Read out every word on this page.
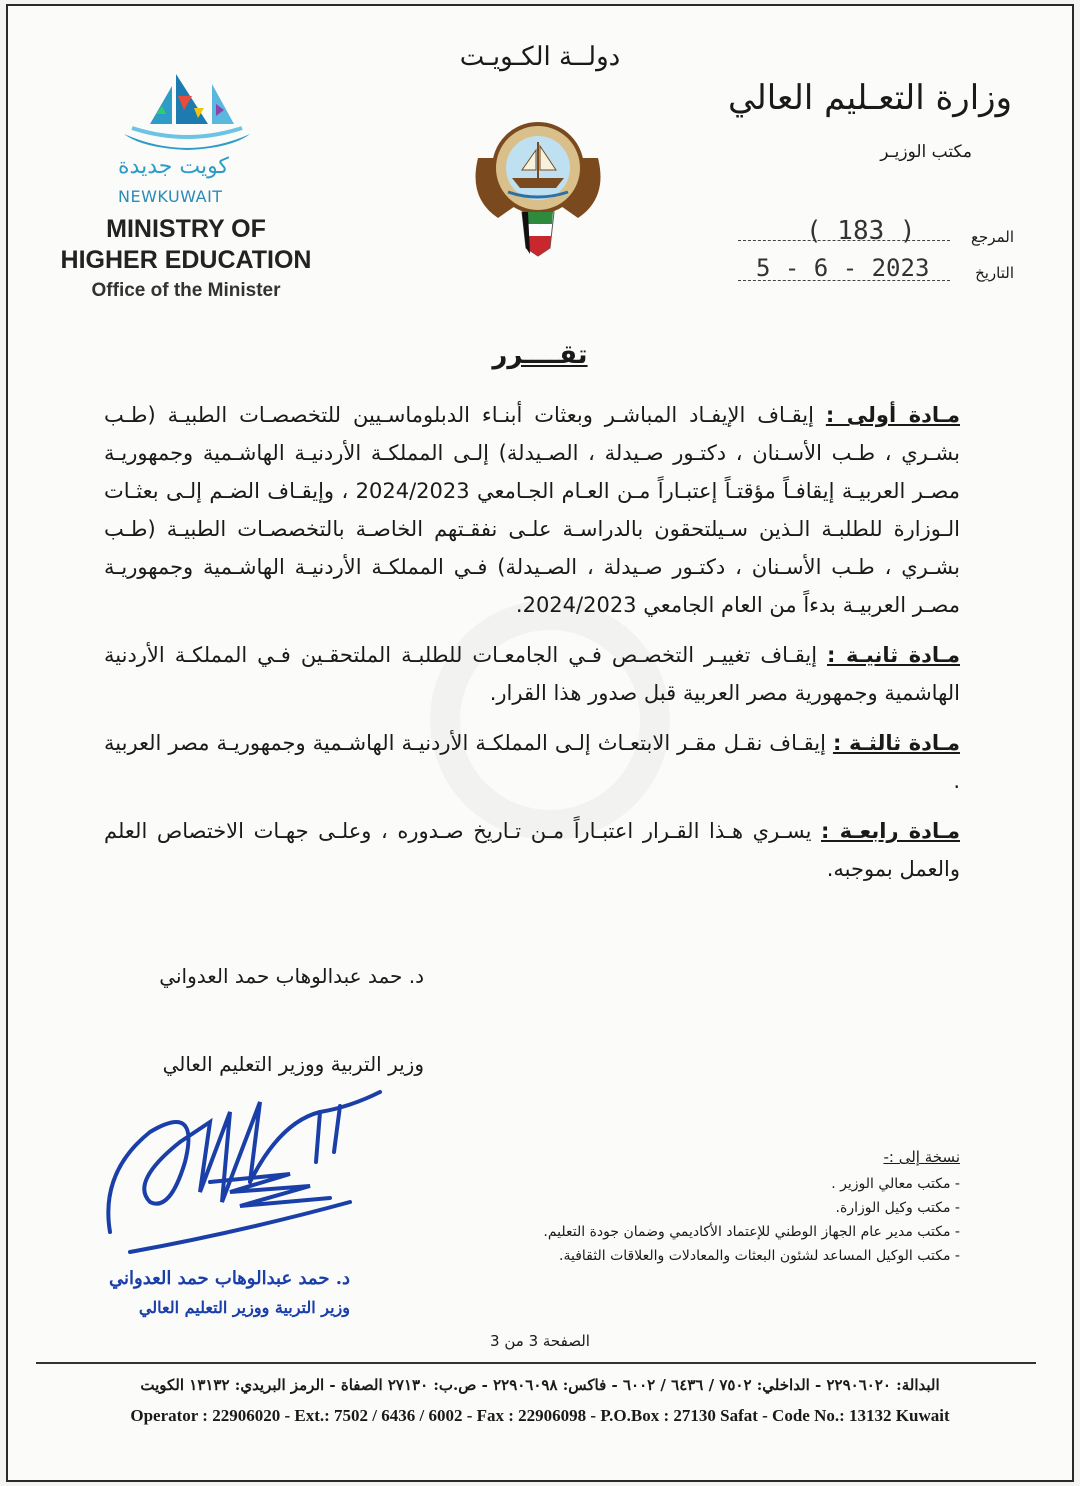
دولــة الكـويـت
وزارة التعـليم العالي
مكتب الوزيـر
كويت جديدة
NEWKUWAIT
MINISTRY OF
HIGHER EDUCATION
Office of the Minister
المرجع
( 183 )
التاريخ
5 - 6 - 2023
تقــــرر

مـادة أولى : إيقـاف الإيفـاد المباشـر وبعثات أبنـاء الدبلوماسـيين للتخصصـات الطبيـة (طـب بشـري ، طـب الأسـنان ، دكتـور صـيدلة ، الصـيدلة) إلـى المملكـة الأردنيـة الهاشـمية وجمهوريـة مصـر العربيـة إيقافـاً مؤقتـاً إعتبـاراً مـن العـام الجـامعي 2024/2023 ، وإيقـاف الضـم إلـى بعثـات الـوزارة للطلبـة الـذين سـيلتحقون بالدراسـة علـى نفقـتهم الخاصـة بالتخصصـات الطبيـة (طـب بشـري ، طـب الأسـنان ، دكتـور صـيدلة ، الصـيدلة) فـي المملكـة الأردنيـة الهاشـمية وجمهوريـة مصـر العربيـة بدءاً من العام الجامعي 2024/2023.

مـادة ثانيـة : إيقـاف تغييـر التخصـص فـي الجامعـات للطلبـة الملتحقـين فـي المملكـة الأردنية الهاشمية وجمهورية مصر العربية قبل صدور هذا القرار.

مـادة ثالثـة : إيقـاف نقـل مقـر الابتعـاث إلـى المملكـة الأردنيـة الهاشـمية وجمهوريـة مصر العربية .

مـادة رابعـة : يسـري هـذا القـرار اعتبـاراً مـن تـاريخ صـدوره ، وعلـى جهـات الاختصاص العلم والعمل بموجبه.

د. حمد عبدالوهاب حمد العدواني
وزير التربية ووزير التعليم العالي
د. حمد عبدالوهاب حمد العدواني
وزير التربية ووزير التعليم العالي
نسخة إلى :-
- مكتب معالي الوزير .
- مكتب وكيل الوزارة.
- مكتب مدير عام الجهاز الوطني للإعتماد الأكاديمي وضمان جودة التعليم.
- مكتب الوكيل المساعد لشئون البعثات والمعادلات والعلاقات الثقافية.
الصفحة 3 من 3
البدالة: ٢٢٩٠٦٠٢٠ - الداخلي: ٧٥٠٢ / ٦٤٣٦ / ٦٠٠٢ - فاكس: ٢٢٩٠٦٠٩٨ - ص.ب: ٢٧١٣٠ الصفاة - الرمز البريدي: ١٣١٣٢ الكويت
Operator : 22906020 - Ext.: 7502 / 6436 / 6002 - Fax : 22906098 - P.O.Box : 27130 Safat - Code No.: 13132 Kuwait
